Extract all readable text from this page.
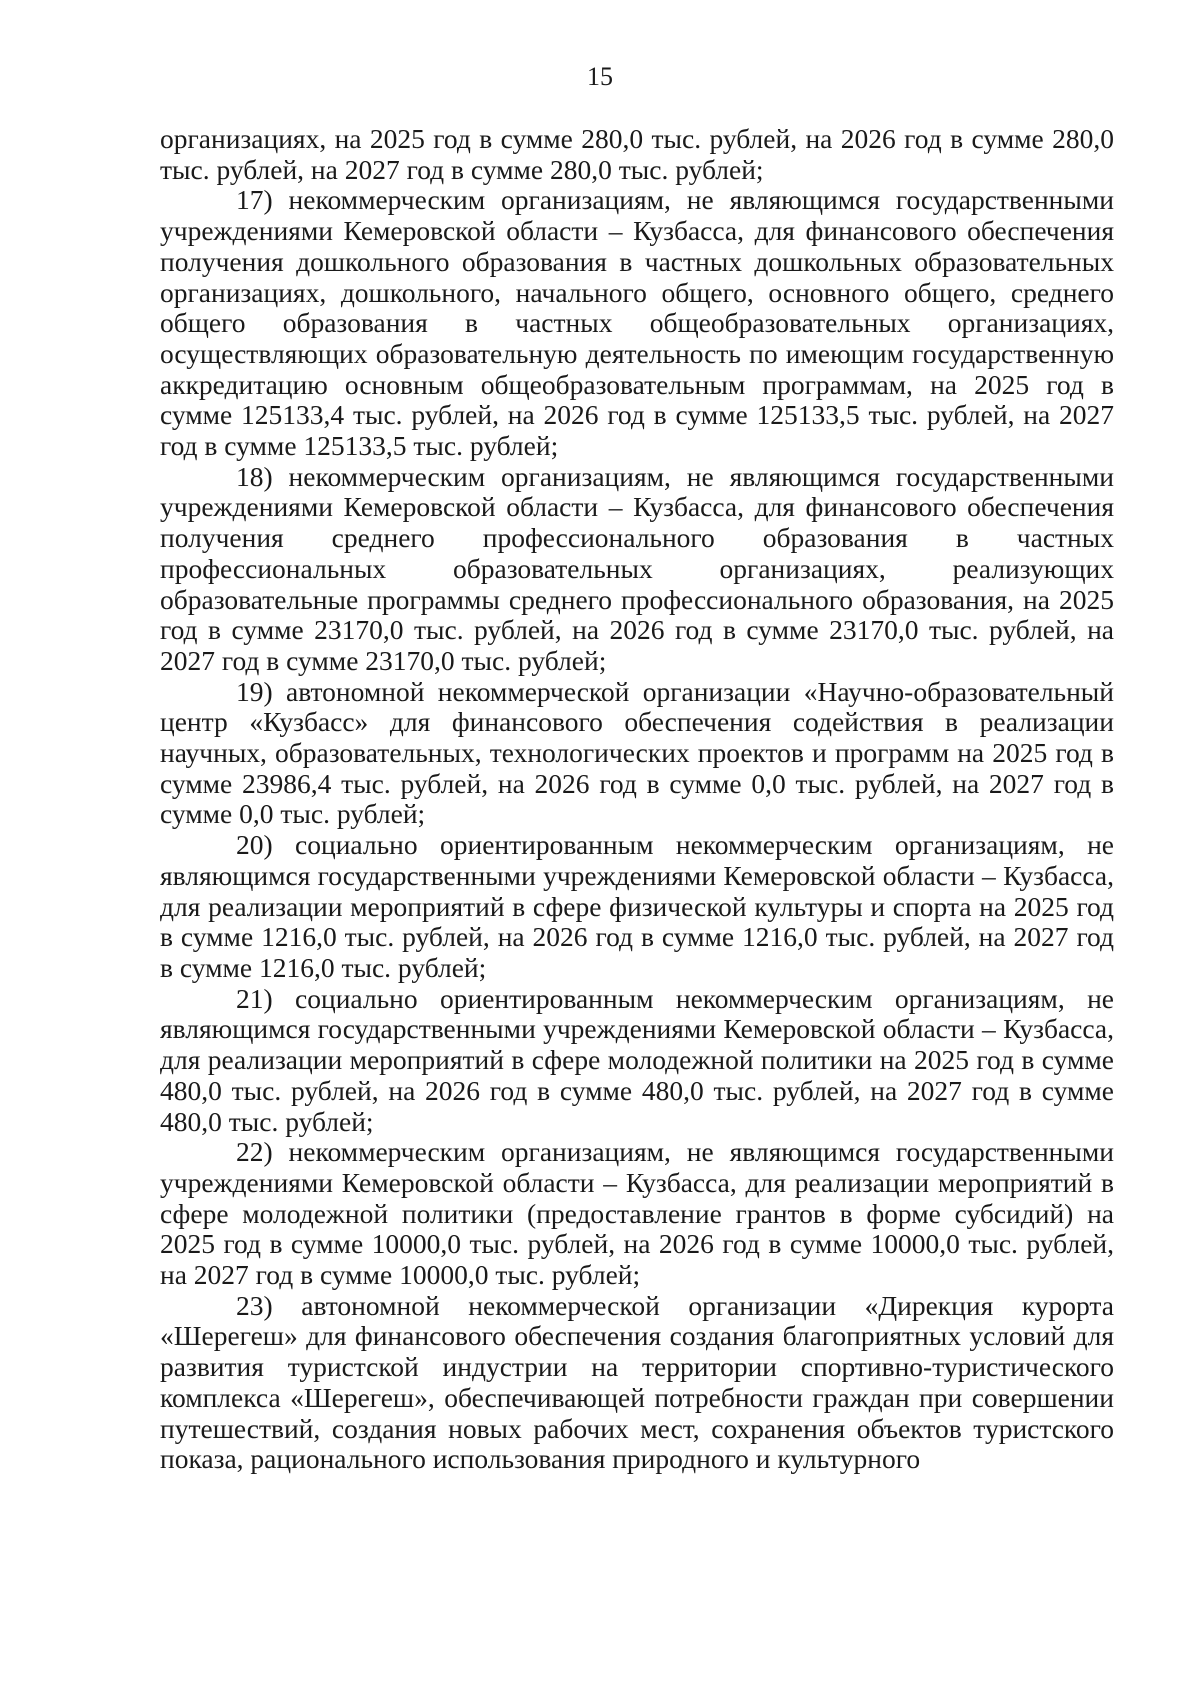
15

организациях, на 2025 год в сумме 280,0 тыс. рублей, на 2026 год в сумме 280,0 тыс. рублей, на 2027 год в сумме 280,0 тыс. рублей;

17) некоммерческим организациям, не являющимся государственными учреждениями Кемеровской области – Кузбасса, для финансового обеспечения получения дошкольного образования в частных дошкольных образовательных организациях, дошкольного, начального общего, основного общего, среднего общего образования в частных общеобразовательных организациях, осуществляющих образовательную деятельность по имеющим государственную аккредитацию основным общеобразовательным программам, на 2025 год в сумме 125133,4 тыс. рублей, на 2026 год в сумме 125133,5 тыс. рублей, на 2027 год в сумме 125133,5 тыс. рублей;

18) некоммерческим организациям, не являющимся государственными учреждениями Кемеровской области – Кузбасса, для финансового обеспечения получения среднего профессионального образования в частных профессиональных образовательных организациях, реализующих образовательные программы среднего профессионального образования, на 2025 год в сумме 23170,0 тыс. рублей, на 2026 год в сумме 23170,0 тыс. рублей, на 2027 год в сумме 23170,0 тыс. рублей;

19) автономной некоммерческой организации «Научно-образовательный центр «Кузбасс» для финансового обеспечения содействия в реализации научных, образовательных, технологических проектов и программ на 2025 год в сумме 23986,4 тыс. рублей, на 2026 год в сумме 0,0 тыс. рублей, на 2027 год в сумме 0,0 тыс. рублей;

20) социально ориентированным некоммерческим организациям, не являющимся государственными учреждениями Кемеровской области – Кузбасса, для реализации мероприятий в сфере физической культуры и спорта на 2025 год в сумме 1216,0 тыс. рублей, на 2026 год в сумме 1216,0 тыс. рублей, на 2027 год в сумме 1216,0 тыс. рублей;

21) социально ориентированным некоммерческим организациям, не являющимся государственными учреждениями Кемеровской области – Кузбасса, для реализации мероприятий в сфере молодежной политики на 2025 год в сумме 480,0 тыс. рублей, на 2026 год в сумме 480,0 тыс. рублей, на 2027 год в сумме 480,0 тыс. рублей;

22) некоммерческим организациям, не являющимся государственными учреждениями Кемеровской области – Кузбасса, для реализации мероприятий в сфере молодежной политики (предоставление грантов в форме субсидий) на 2025 год в сумме 10000,0 тыс. рублей, на 2026 год в сумме 10000,0 тыс. рублей, на 2027 год в сумме 10000,0 тыс. рублей;

23) автономной некоммерческой организации «Дирекция курорта «Шерегеш» для финансового обеспечения создания благоприятных условий для развития туристской индустрии на территории спортивно-туристического комплекса «Шерегеш», обеспечивающей потребности граждан при совершении путешествий, создания новых рабочих мест, сохранения объектов туристского показа, рационального использования природного и культурного
